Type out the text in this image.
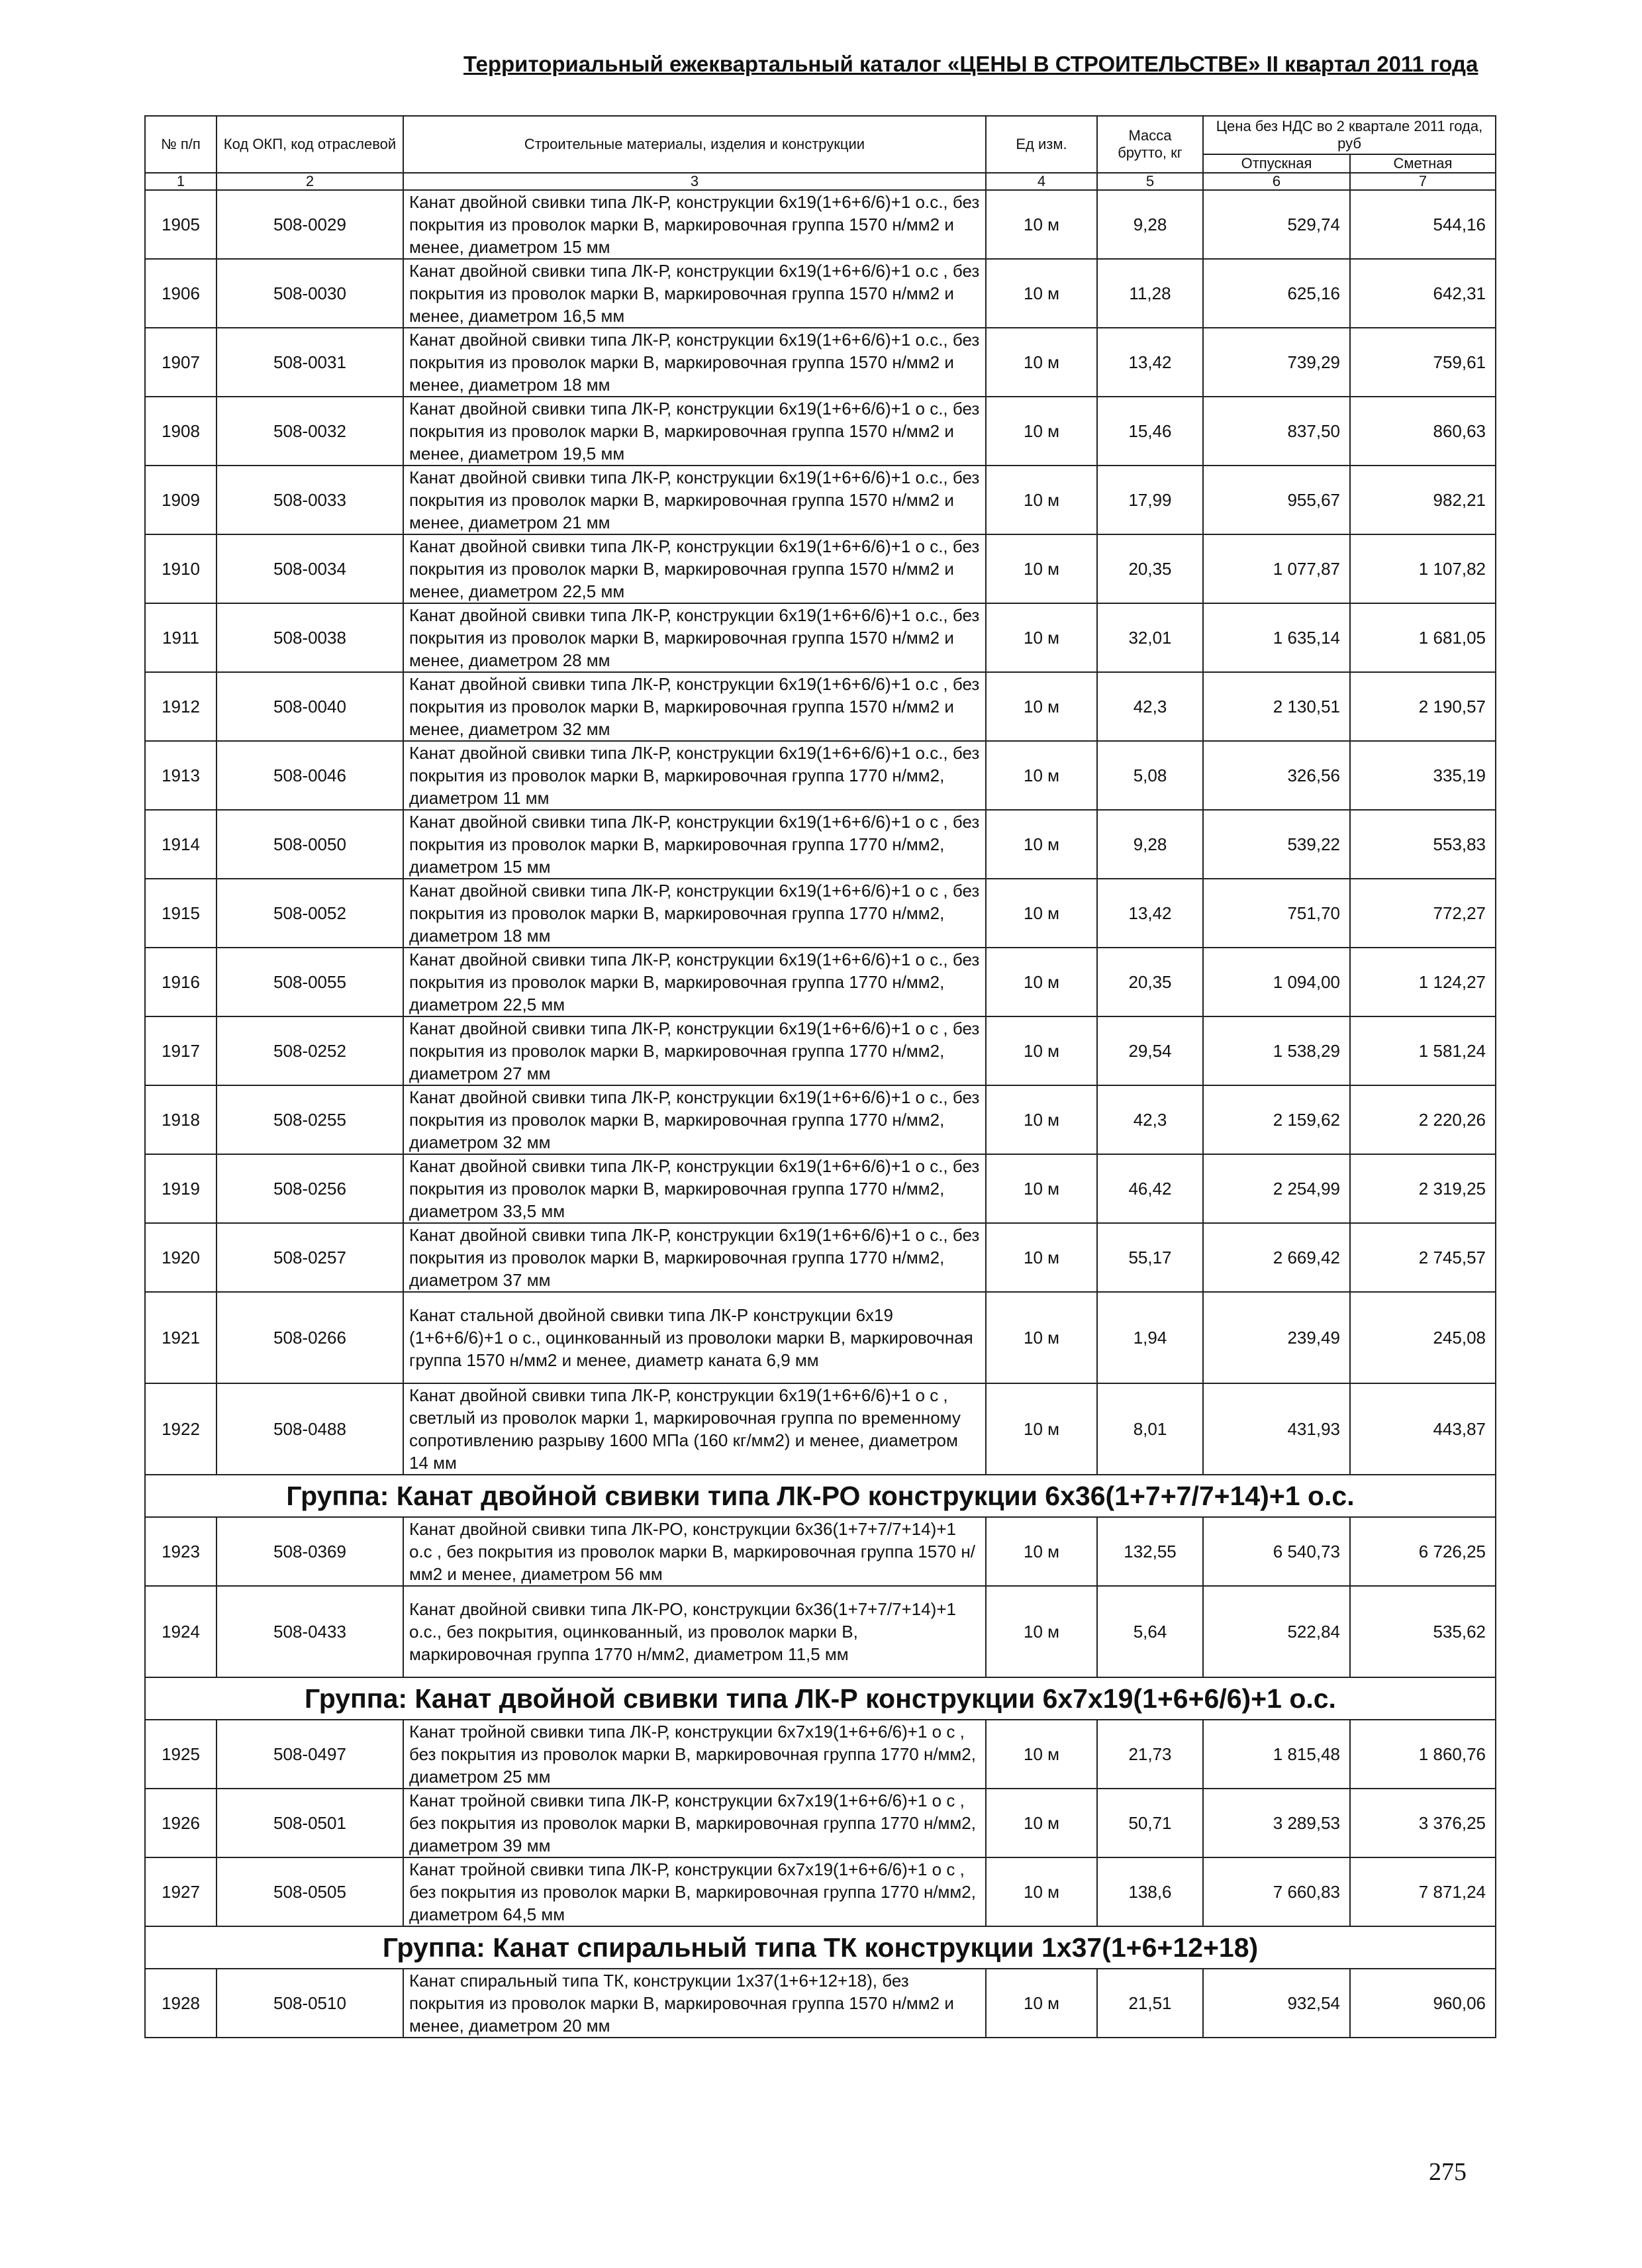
Территориальный ежеквартальный каталог «ЦЕНЫ В СТРОИТЕЛЬСТВЕ» II квартал 2011 года
№ п/п	Код ОКП, код отраслевой	Строительные материалы, изделия и конструкции	Ед изм.	Масса брутто, кг	Цена без НДС во 2 квартале 2011 года, руб	
					Отпускная	Сметная
1	2	3	4	5	6	7
1905	508-0029	Канат двойной свивки типа ЛК-Р, конструкции 6х19(1+6+6/6)+1 о.с., без покрытия из проволок марки В, маркировочная группа 1570 н/мм2 и менее, диаметром 15 мм	10 м	9,28	529,74	544,16
1906	508-0030	Канат двойной свивки типа ЛК-Р, конструкции 6х19(1+6+6/6)+1 о.с , без покрытия из проволок марки В, маркировочная группа 1570 н/мм2 и менее, диаметром 16,5 мм	10 м	11,28	625,16	642,31
1907	508-0031	Канат двойной свивки типа ЛК-Р, конструкции 6х19(1+6+6/6)+1 о.с., без покрытия из проволок марки В, маркировочная группа 1570 н/мм2 и менее, диаметром 18 мм	10 м	13,42	739,29	759,61
1908	508-0032	Канат двойной свивки типа ЛК-Р, конструкции 6х19(1+6+6/6)+1 о с., без покрытия из проволок марки В, маркировочная группа 1570 н/мм2 и менее, диаметром 19,5 мм	10 м	15,46	837,50	860,63
1909	508-0033	Канат двойной свивки типа ЛК-Р, конструкции 6х19(1+6+6/6)+1 о.с., без покрытия из проволок марки В, маркировочная группа 1570 н/мм2 и менее, диаметром 21 мм	10 м	17,99	955,67	982,21
1910	508-0034	Канат двойной свивки типа ЛК-Р, конструкции 6х19(1+6+6/6)+1 о с., без покрытия из проволок марки В, маркировочная группа 1570 н/мм2 и менее, диаметром 22,5 мм	10 м	20,35	1 077,87	1 107,82
1911	508-0038	Канат двойной свивки типа ЛК-Р, конструкции 6х19(1+6+6/6)+1 о.с., без покрытия из проволок марки В, маркировочная группа 1570 н/мм2 и менее, диаметром 28 мм	10 м	32,01	1 635,14	1 681,05
1912	508-0040	Канат двойной свивки типа ЛК-Р, конструкции 6х19(1+6+6/6)+1 о.с , без покрытия из проволок марки В, маркировочная группа 1570 н/мм2 и менее, диаметром 32 мм	10 м	42,3	2 130,51	2 190,57
1913	508-0046	Канат двойной свивки типа ЛК-Р, конструкции 6х19(1+6+6/6)+1 о.с., без покрытия из проволок марки В, маркировочная группа 1770 н/мм2, диаметром 11 мм	10 м	5,08	326,56	335,19
1914	508-0050	Канат двойной свивки типа ЛК-Р, конструкции 6х19(1+6+6/6)+1 о с , без покрытия из проволок марки В, маркировочная группа 1770 н/мм2, диаметром 15 мм	10 м	9,28	539,22	553,83
1915	508-0052	Канат двойной свивки типа ЛК-Р, конструкции 6х19(1+6+6/6)+1 о с , без покрытия из проволок марки В, маркировочная группа 1770 н/мм2, диаметром 18 мм	10 м	13,42	751,70	772,27
1916	508-0055	Канат двойной свивки типа ЛК-Р, конструкции 6х19(1+6+6/6)+1 о с., без покрытия из проволок марки В, маркировочная группа 1770 н/мм2, диаметром 22,5 мм	10 м	20,35	1 094,00	1 124,27
1917	508-0252	Канат двойной свивки типа ЛК-Р, конструкции 6х19(1+6+6/6)+1 о с , без покрытия из проволок марки В, маркировочная группа 1770 н/мм2, диаметром 27 мм	10 м	29,54	1 538,29	1 581,24
1918	508-0255	Канат двойной свивки типа ЛК-Р, конструкции 6х19(1+6+6/6)+1 о с., без покрытия из проволок марки В, маркировочная группа 1770 н/мм2, диаметром 32 мм	10 м	42,3	2 159,62	2 220,26
1919	508-0256	Канат двойной свивки типа ЛК-Р, конструкции 6х19(1+6+6/6)+1 о с., без покрытия из проволок марки В, маркировочная группа 1770 н/мм2, диаметром 33,5 мм	10 м	46,42	2 254,99	2 319,25
1920	508-0257	Канат двойной свивки типа ЛК-Р, конструкции 6х19(1+6+6/6)+1 о с., без покрытия из проволок марки В, маркировочная группа 1770 н/мм2, диаметром 37 мм	10 м	55,17	2 669,42	2 745,57
1921	508-0266	Канат стальной двойной свивки типа ЛК-Р конструкции 6х19 (1+6+6/6)+1 о с., оцинкованный из проволоки марки В, маркировочная группа 1570 н/мм2 и менее, диаметр каната 6,9 мм	10 м	1,94	239,49	245,08
1922	508-0488	Канат двойной свивки типа ЛК-Р, конструкции 6х19(1+6+6/6)+1 о с , светлый из проволок марки 1, маркировочная группа по временному сопротивлению разрыву 1600 МПа (160 кг/мм2) и менее, диаметром 14 мм	10 м	8,01	431,93	443,87
Группа: Канат двойной свивки типа ЛК-РО конструкции 6х36(1+7+7/7+14)+1 о.с.						
1923	508-0369	Канат двойной свивки типа ЛК-РО, конструкции 6х36(1+7+7/7+14)+1 о.с , без покрытия из проволок марки В, маркировочная группа 1570 н/мм2 и менее, диаметром 56 мм	10 м	132,55	6 540,73	6 726,25
1924	508-0433	Канат двойной свивки типа ЛК-РО, конструкции 6х36(1+7+7/7+14)+1 о.с., без покрытия, оцинкованный, из проволок марки В, маркировочная группа 1770 н/мм2, диаметром 11,5 мм	10 м	5,64	522,84	535,62
Группа: Канат двойной свивки типа ЛК-Р конструкции 6х7х19(1+6+6/6)+1 о.с.						
1925	508-0497	Канат тройной свивки типа ЛК-Р, конструкции 6х7х19(1+6+6/6)+1 о с , без покрытия из проволок марки В, маркировочная группа 1770 н/мм2, диаметром 25 мм	10 м	21,73	1 815,48	1 860,76
1926	508-0501	Канат тройной свивки типа ЛК-Р, конструкции 6х7х19(1+6+6/6)+1 о с , без покрытия из проволок марки В, маркировочная группа 1770 н/мм2, диаметром 39 мм	10 м	50,71	3 289,53	3 376,25
1927	508-0505	Канат тройной свивки типа ЛК-Р, конструкции 6х7х19(1+6+6/6)+1 о с , без покрытия из проволок марки В, маркировочная группа 1770 н/мм2, диаметром 64,5 мм	10 м	138,6	7 660,83	7 871,24
Группа: Канат спиральный типа ТК конструкции 1х37(1+6+12+18)						
1928	508-0510	Канат спиральный типа ТК, конструкции 1х37(1+6+12+18), без покрытия из проволок марки В, маркировочная группа 1570 н/мм2 и менее, диаметром 20 мм	10 м	21,51	932,54	960,06
275
